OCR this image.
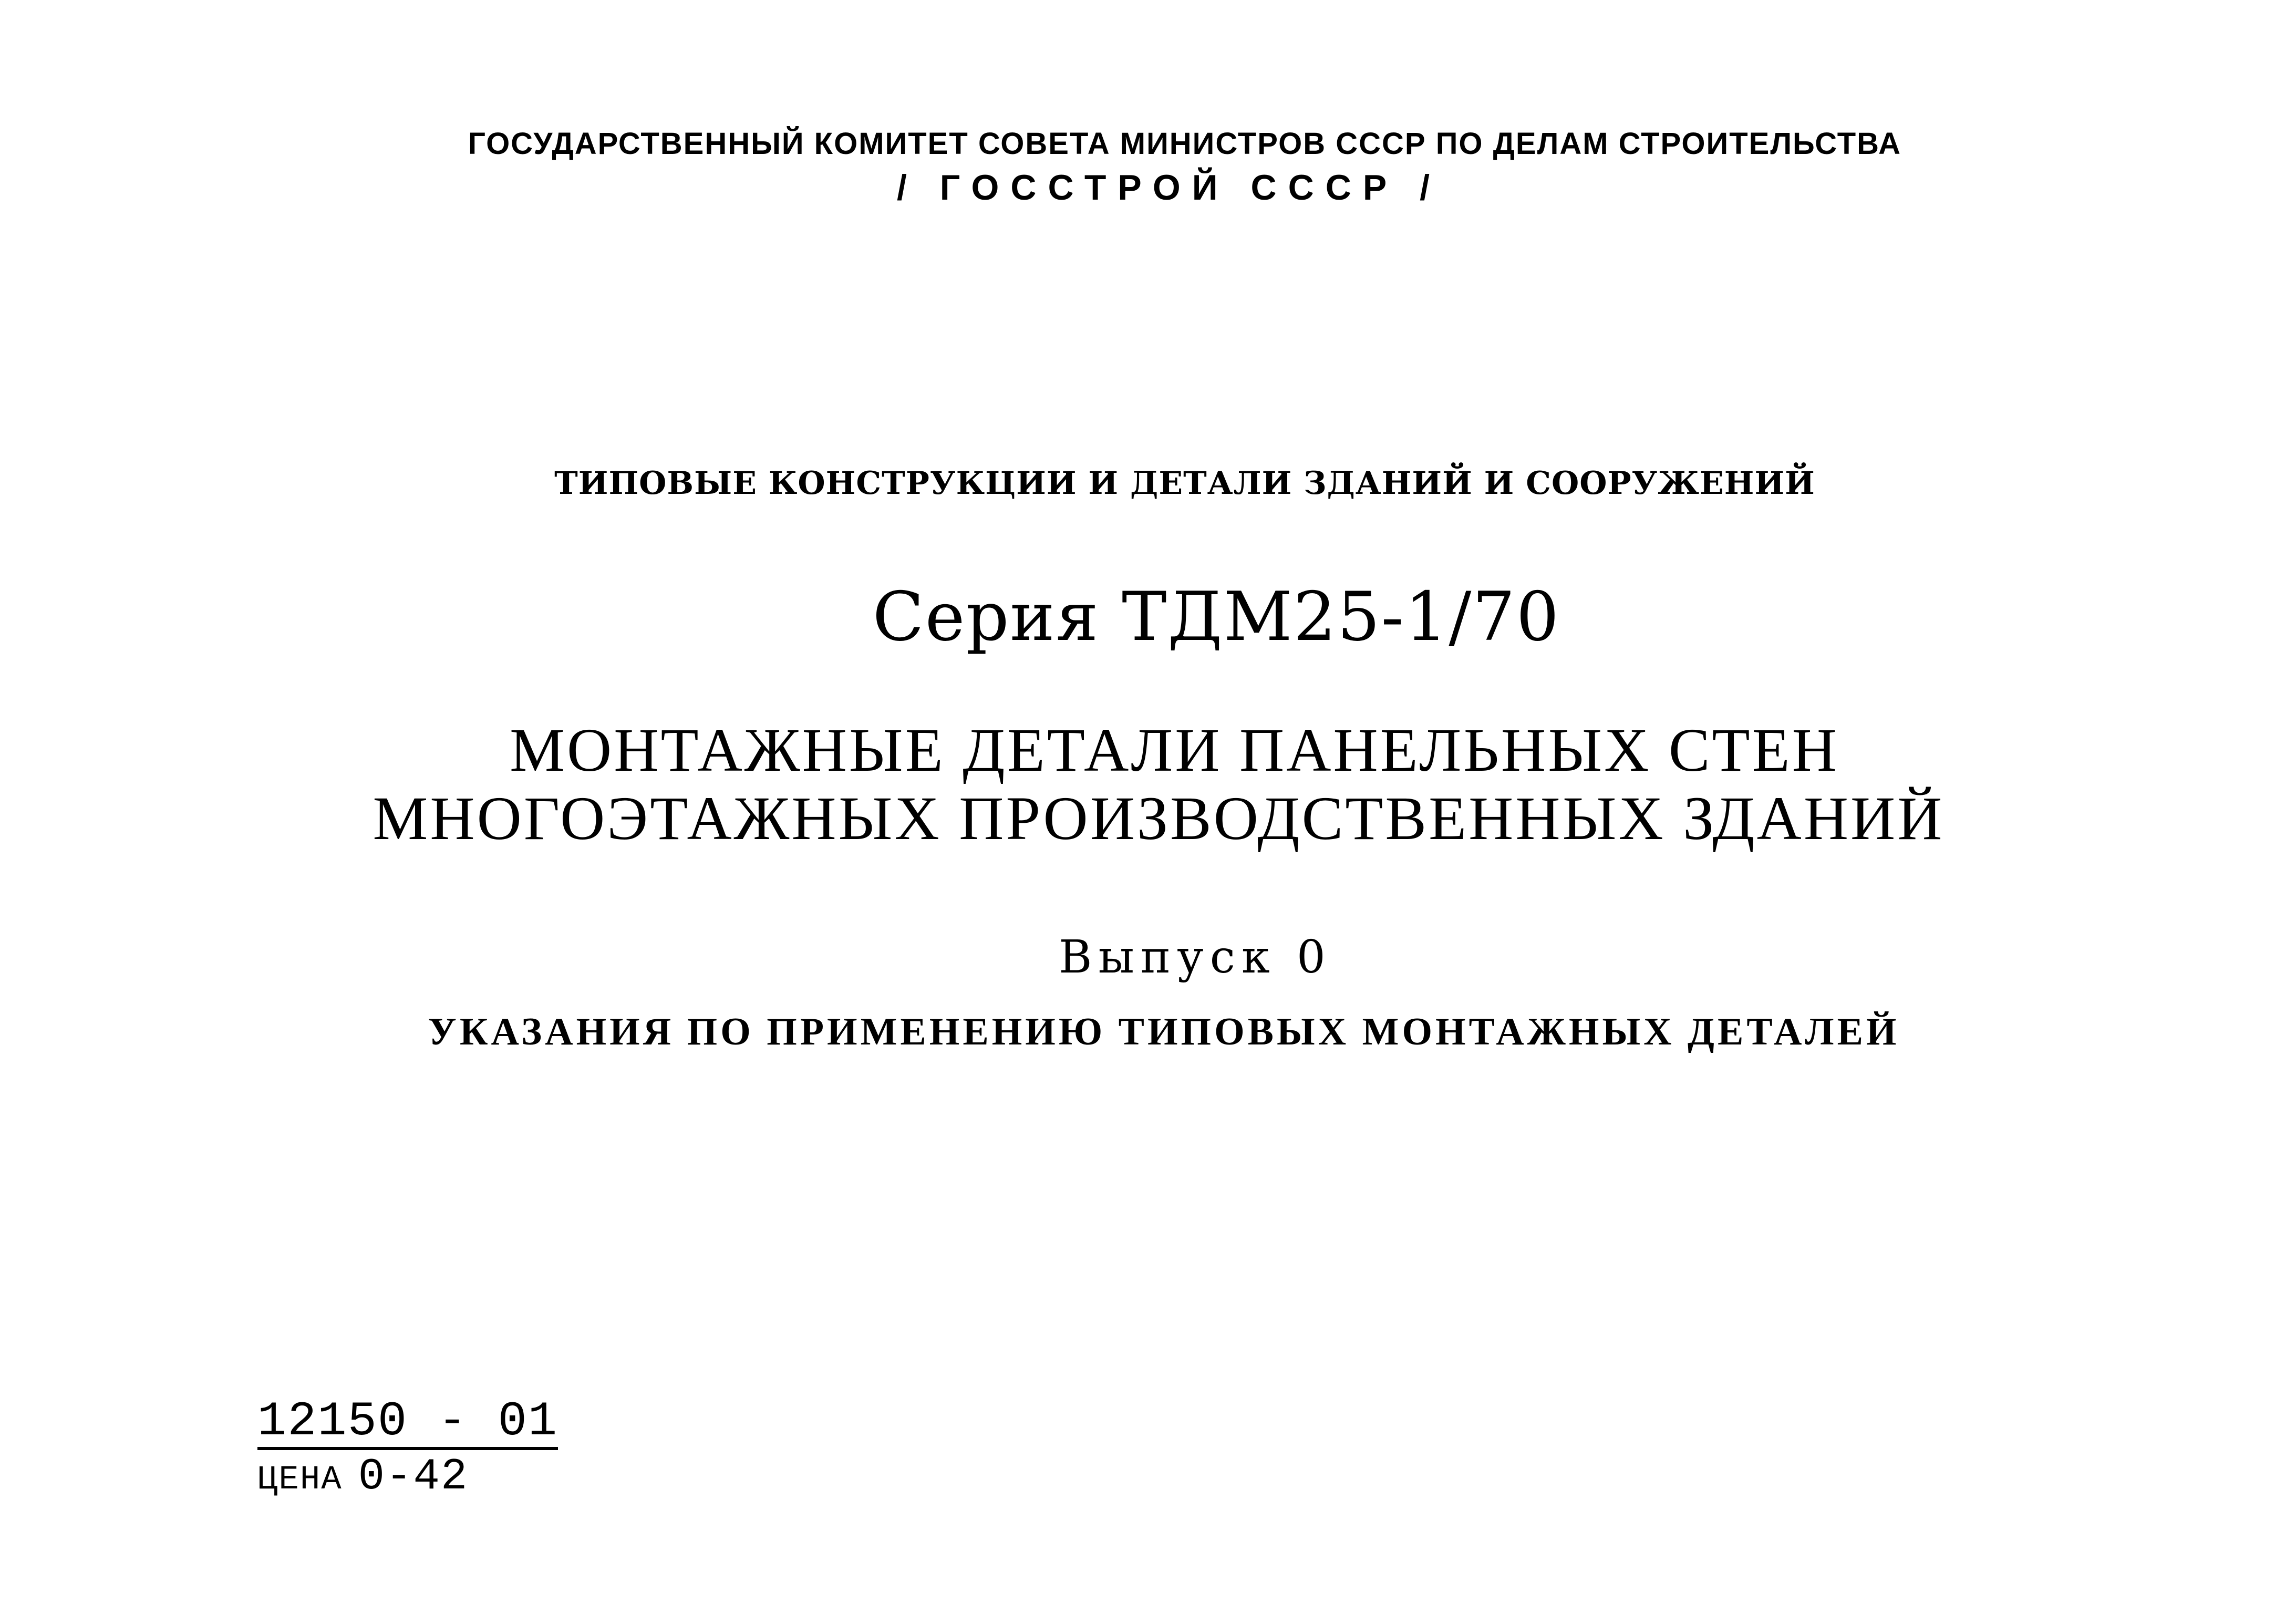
ГОСУДАРСТВЕННЫЙ КОМИТЕТ СОВЕТА МИНИСТРОВ СССР ПО ДЕЛАМ СТРОИТЕЛЬСТВА

/ ГОССТРОЙ СССР /

ТИПОВЫЕ КОНСТРУКЦИИ И ДЕТАЛИ ЗДАНИЙ И СООРУЖЕНИЙ

Серия ТДМ25-1/70

МОНТАЖНЫЕ ДЕТАЛИ ПАНЕЛЬНЫХ СТЕН

МНОГОЭТАЖНЫХ ПРОИЗВОДСТВЕННЫХ ЗДАНИЙ

Выпуск 0

УКАЗАНИЯ ПО ПРИМЕНЕНИЮ ТИПОВЫХ МОНТАЖНЫХ ДЕТАЛЕЙ

12150 - 01
ЦЕНА 0-42
